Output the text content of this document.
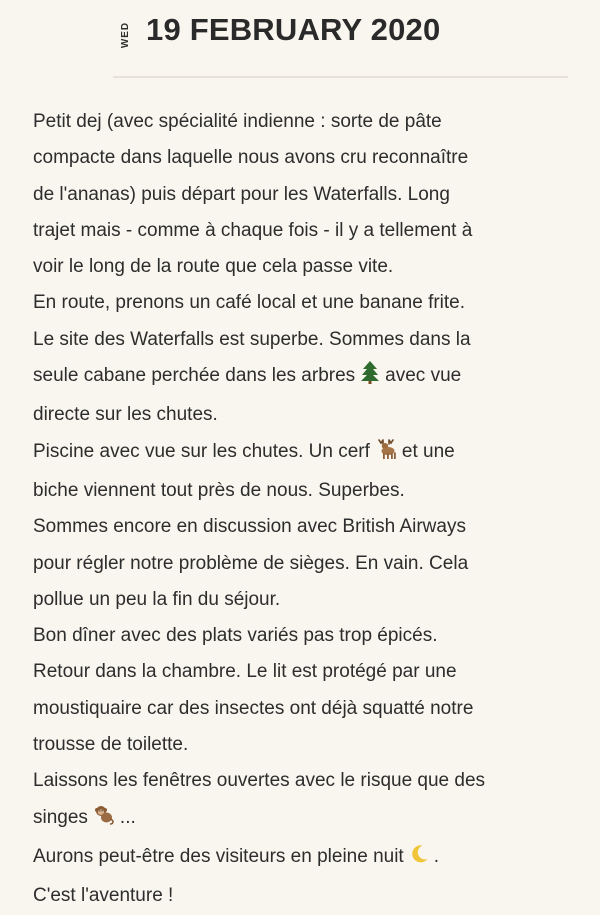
WED 19 FEBRUARY 2020

Petit dej (avec spécialité indienne : sorte de pâte

compacte dans laquelle nous avons cru reconnaître

de l'ananas) puis départ pour les Waterfalls. Long

trajet mais - comme à chaque fois - il y a tellement à

voir le long de la route que cela passe vite.

En route, prenons un café local et une banane frite.

Le site des Waterfalls est superbe. Sommes dans la

seule cabane perchée dans les arbres avec vue

directe sur les chutes.

Piscine avec vue sur les chutes. Un cerf et une

biche viennent tout près de nous. Superbes.

Sommes encore en discussion avec British Airways

pour régler notre problème de sièges. En vain. Cela

pollue un peu la fin du séjour.

Bon dîner avec des plats variés pas trop épicés.

Retour dans la chambre. Le lit est protégé par une

moustiquaire car des insectes ont déjà squatté notre

trousse de toilette.

Laissons les fenêtres ouvertes avec le risque que des

singes ...

Aurons peut-être des visiteurs en pleine nuit .

C'est l'aventure !
